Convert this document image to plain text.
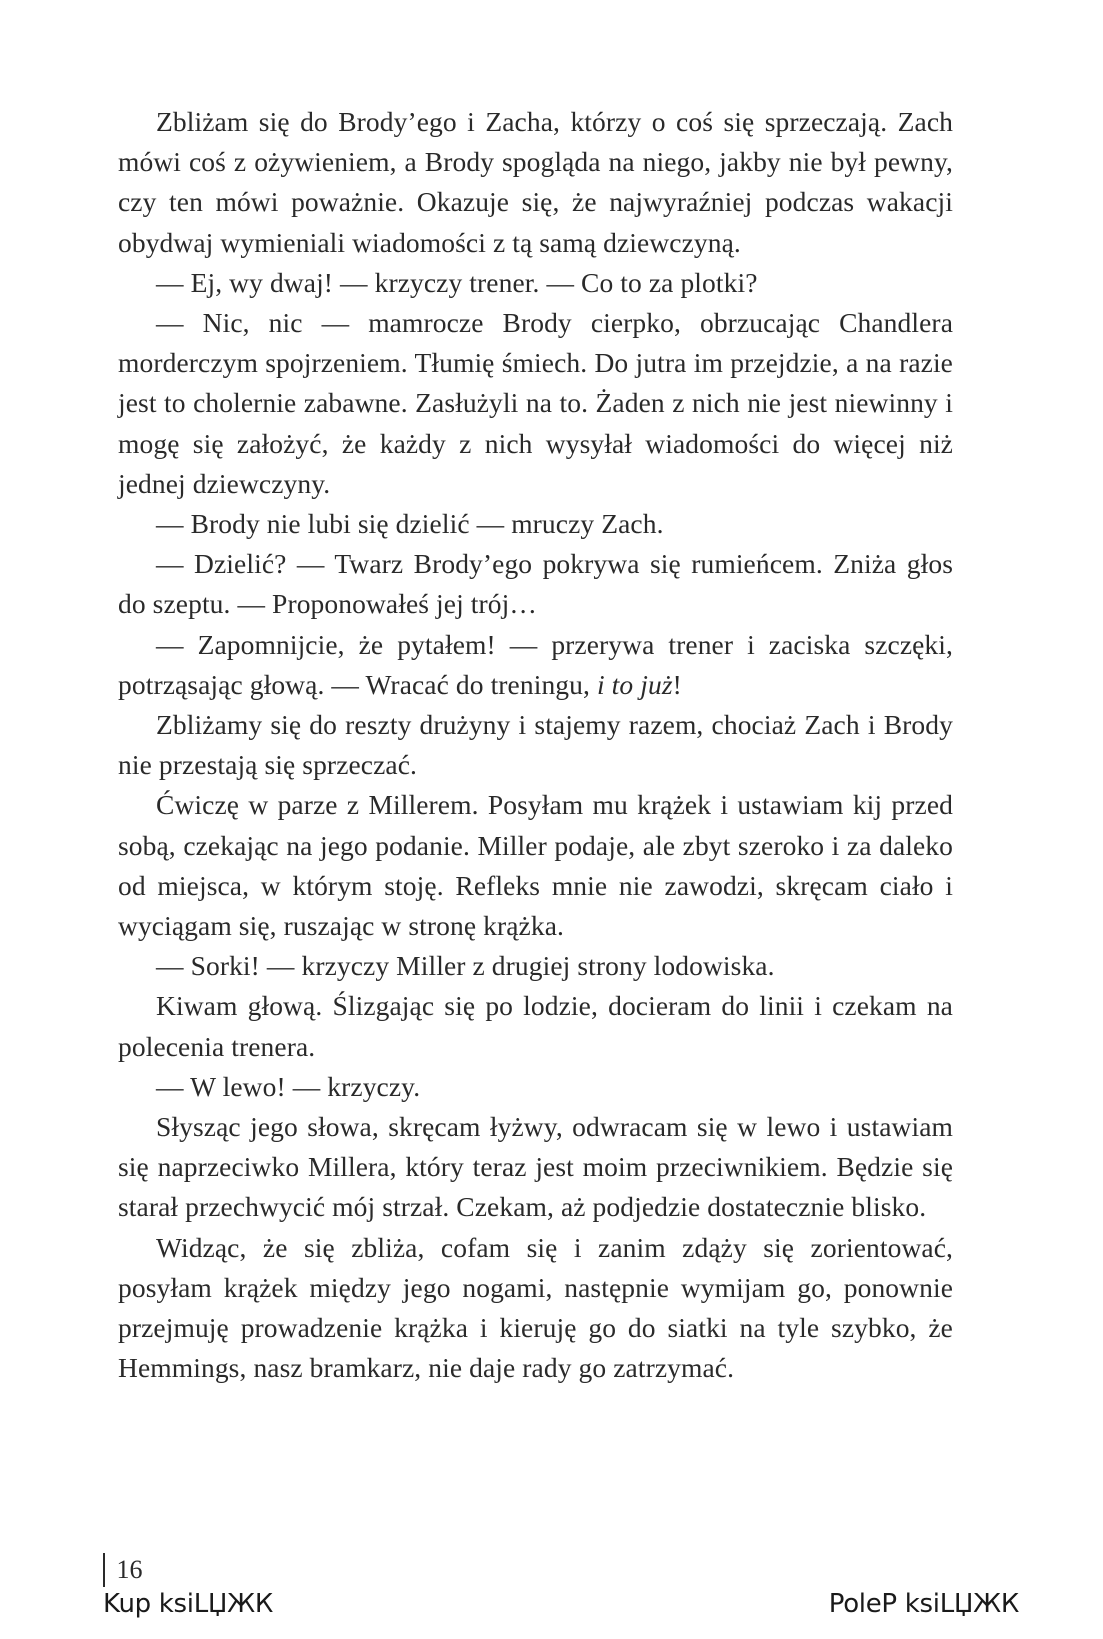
Zbliżam się do Brody’ego i Zacha, którzy o coś się sprzeczają. Zach mówi coś z ożywieniem, a Brody spogląda na niego, jakby nie był pewny, czy ten mówi poważnie. Okazuje się, że najwyraźniej podczas wakacji obydwaj wymieniali wiadomości z tą samą dziewczyną.

— Ej, wy dwaj! — krzyczy trener. — Co to za plotki?

— Nic, nic — mamrocze Brody cierpko, obrzucając Chandlera morderczym spojrzeniem. Tłumię śmiech. Do jutra im przejdzie, a na razie jest to cholernie zabawne. Zasłużyli na to. Żaden z nich nie jest niewinny i mogę się założyć, że każdy z nich wysyłał wiadomości do więcej niż jednej dziewczyny.

— Brody nie lubi się dzielić — mruczy Zach.

— Dzielić? — Twarz Brody’ego pokrywa się rumieńcem. Zniża głos do szeptu. — Proponowałeś jej trój…

— Zapomnijcie, że pytałem! — przerywa trener i zaciska szczęki, potrząsając głową. — Wracać do treningu, i to już!

Zbliżamy się do reszty drużyny i stajemy razem, chociaż Zach i Brody nie przestają się sprzeczać.

Ćwiczę w parze z Millerem. Posyłam mu krążek i ustawiam kij przed sobą, czekając na jego podanie. Miller podaje, ale zbyt szeroko i za daleko od miejsca, w którym stoję. Refleks mnie nie zawodzi, skręcam ciało i wyciągam się, ruszając w stronę krążka.

— Sorki! — krzyczy Miller z drugiej strony lodowiska.

Kiwam głową. Ślizgając się po lodzie, docieram do linii i czekam na polecenia trenera.

— W lewo! — krzyczy.

Słysząc jego słowa, skręcam łyżwy, odwracam się w lewo i ustawiam się naprzeciwko Millera, który teraz jest moim przeciwnikiem. Będzie się starał przechwycić mój strzał. Czekam, aż podjedzie dostatecznie blisko.

Widząc, że się zbliża, cofam się i zanim zdąży się zorientować, posyłam krążek między jego nogami, następnie wymijam go, ponownie przejmuję prowadzenie krążka i kieruję go do siatki na tyle szybko, że Hemmings, nasz bramkarz, nie daje rady go zatrzymać.

16
Kup ksiLЏЖК	PoleP ksiLЏЖК
